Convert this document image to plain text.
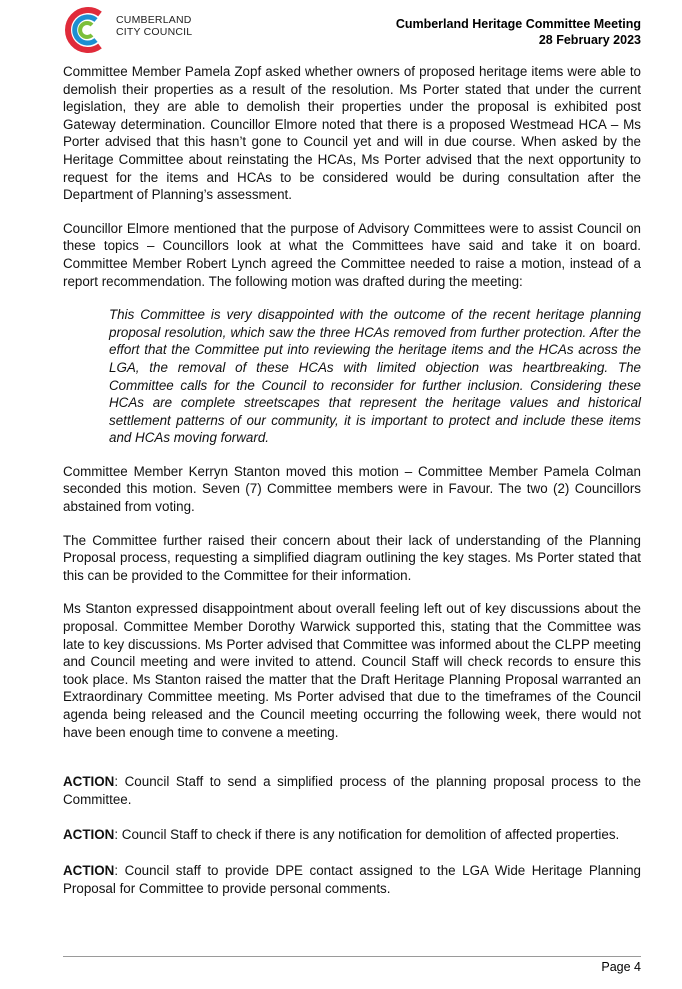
CUMBERLAND
CITY COUNCIL
Cumberland Heritage Committee Meeting
28 February 2023

Committee Member Pamela Zopf asked whether owners of proposed heritage items were able to demolish their properties as a result of the resolution. Ms Porter stated that under the current legislation, they are able to demolish their properties under the proposal is exhibited post Gateway determination. Councillor Elmore noted that there is a proposed Westmead HCA – Ms Porter advised that this hasn’t gone to Council yet and will in due course. When asked by the Heritage Committee about reinstating the HCAs, Ms Porter advised that the next opportunity to request for the items and HCAs to be considered would be during consultation after the Department of Planning’s assessment.

Councillor Elmore mentioned that the purpose of Advisory Committees were to assist Council on these topics – Councillors look at what the Committees have said and take it on board. Committee Member Robert Lynch agreed the Committee needed to raise a motion, instead of a report recommendation. The following motion was drafted during the meeting:

This Committee is very disappointed with the outcome of the recent heritage planning proposal resolution, which saw the three HCAs removed from further protection. After the effort that the Committee put into reviewing the heritage items and the HCAs across the LGA, the removal of these HCAs with limited objection was heartbreaking. The Committee calls for the Council to reconsider for further inclusion. Considering these HCAs are complete streetscapes that represent the heritage values and historical settlement patterns of our community, it is important to protect and include these items and HCAs moving forward.

Committee Member Kerryn Stanton moved this motion – Committee Member Pamela Colman seconded this motion. Seven (7) Committee members were in Favour. The two (2) Councillors abstained from voting.

The Committee further raised their concern about their lack of understanding of the Planning Proposal process, requesting a simplified diagram outlining the key stages. Ms Porter stated that this can be provided to the Committee for their information.

Ms Stanton expressed disappointment about overall feeling left out of key discussions about the proposal. Committee Member Dorothy Warwick supported this, stating that the Committee was late to key discussions. Ms Porter advised that Committee was informed about the CLPP meeting and Council meeting and were invited to attend. Council Staff will check records to ensure this took place. Ms Stanton raised the matter that the Draft Heritage Planning Proposal warranted an Extraordinary Committee meeting. Ms Porter advised that due to the timeframes of the Council agenda being released and the Council meeting occurring the following week, there would not have been enough time to convene a meeting.

ACTION: Council Staff to send a simplified process of the planning proposal process to the Committee.

ACTION: Council Staff to check if there is any notification for demolition of affected properties.

ACTION: Council staff to provide DPE contact assigned to the LGA Wide Heritage Planning Proposal for Committee to provide personal comments.

Page 4
